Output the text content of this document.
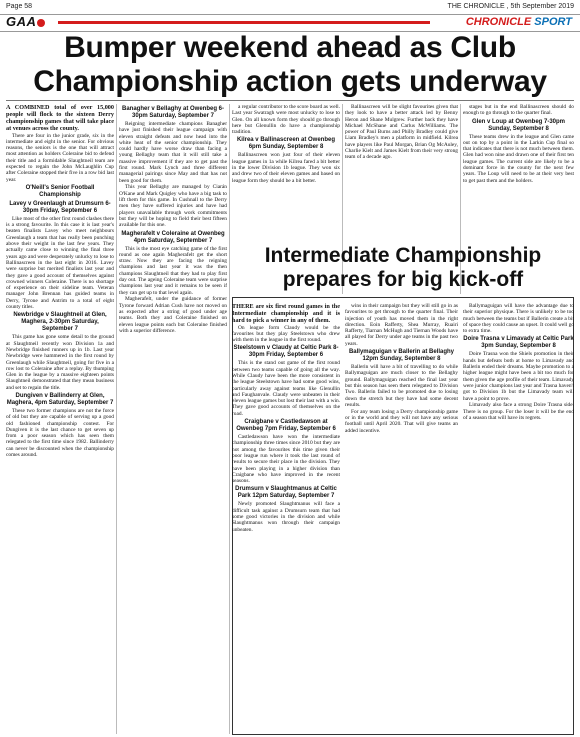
Page 58	THE CHRONICLE , 5th September 2019
GAA	CHRONICLE SPORT
Bumper weekend ahead as Club Championship action gets underway

A COMBINED total of over 15,000 people will flock to the sixteen Derry championship games that will take place at venues across the county.

There are four in the junior grade, six in the intermediate and eight in the senior. For obvious reasons, the seniors is the one that will attract most attention as holders Coleraine bid to defend their title and a formidable Slaughtneil team are expected to regain the John McLaughlin Cup after Coleraine stopped their five in a row bid last year.

O'Neill's Senior Football Championship
Lavey v Greenlaugh at Drumsurn 6-30pm Friday, September 6

Like most of the other first round clashes there is a strong favourite. In this case it is last year's beaten finalists Lavey who meet neighbours Greenlaugh a team that has really been punching above their weight in the last few years. They actually came close to winning the final three years ago and were desperately unlucky to lose to Ballinascreen in the last eight in 2016. Lavey were surprise but merited finalists last year and they gave a good account of themselves against crowned winners Coleraine. There is no shortage of experience on their sideline team. Veteran manager John Brennan has guided teams in Derry, Tyrone and Antrim to a total of eight county titles.

Newbridge v Slaughtneil at Glen, Maghera, 2-30pm Saturday, September 7

This game has gone some detail to the ground at Slaughtneil recently won Division 1a and Newbridge finished runners up in 1b. Last year Newbridge were hammered in the first round by Greenlaugh while Slaughtneil, going for five in a row lost to Coleraine after a replay. By thumping Glen in the league by a massive eighteen points Slaughtneil demonstrated that they mean business and set to regain the title.

Dungiven v Ballinderry at Glen, Maghera, 4pm Saturday, September 7

These two former champions are not the force of old but they are capable of serving up a good old fashioned championship contest. For Dungiven it is the last chance to get seven up from a poor season which has seen them relegated to the first time since 1982. Ballinderry can never be discounted when the championship comes around.

Banagher v Bellaghy at Owenbeg 6-30pm Saturday, September 7

Reigning intermediate champions Banagher have just finished their league campaign with eleven straight defeats and now head into the white heat of the senior championship. They could hardly have worse draw than facing a young Bellaghy team that it will still take a massive improvement if they are to get past the first round. Mark Lynch and three different managerial pairings since May and that has not been good for them.

This year Bellaghy are managed by Ciarán O'Kane and Mark Quigley who have a big task to lift them for this game. In Cushnall to the Derry men they have suffered injuries and have had players unavailable through work commitments but they will be hoping to field their best fifteen available for this one.

Magherafelt v Coleraine at Owenbeg 4pm Saturday, September 7

This is the most eye catching game of the first round as one again Magherafelt get the short straw. Now they are facing the reigning champions and last year it was the then champions Slaughtneil that they had to play first day out. The ageing Coleraine team were surprise champions last year and it remains to be seen if they can get up to that level again.

Magherafelt, under the guidance of former Tyrone forward Adrian Cush have not moved on as expected after a string of good under age teams. Both they and Coleraine finished on eleven league points each but Coleraine finished with a superior difference.

a regular contributor to the score board as well. Last year Swatragh were most unlucky to lose to Glen. On all known form they should go through here but Glenullin do have a championship tradition.

Kilrea v Ballinascreen at Owenbeg 6pm Sunday, September 8

Ballinascreen won just four of their eleven league games in 1a while Kilrea fared a bit better in the lower Division 1b league. They won six and drew two of their eleven games and based on league form they should be a bit better.

Ballinascreen will be slight favourites given that they look to have a better attack led by Benny Heron and Shane Mulgrew. Further back they have Michael McShane and Carlus McWilliams. The power of Paul Burns and Philly Bradley could give Liam Bradley's men a platform in midfield. Kilrea have players like Paul Morgan, Brian Og McAuley, Charlie Kielt and James Kielt from their very strong team of a decade ago.

stages but in the end Ballinascreen should do enough to go through to the quarter final.

Glen v Loup at Owenbeg 7-30pm Sunday, September 8

These teams drew in the league and Glen came out on top by a point in the Larkin Cup final so that indicates that there is not much between them. Glen had won nine and drawn one of their first ten league games. The current side are likely to be a dominant force in the county for the next few years. The Loup will need to be at their very best to get past them and the holders.

Intermediate Championship prepares for big kick-off

THERE are six first round games in the Intermediate championship and it is hard to pick a winner in any of them.

On league form Claudy would be the favourites but they play Steelstown who drew with them in the league in the first round.

Steelstown v Claudy at Celtic Park 8-30pm Friday, September 6

This is the stand out game of the first round between two teams capable of going all the way. While Claudy have been the more consistent in the league Steelstown have had some good wins, particularly away against teams like Glenullin and Faughanvale. Claudy were unbeaten in their eleven league games but lost their last with a win. They gave good accounts of themselves on the road.

Craigbane v Castledawson at Owenbeg 7pm Friday, September 6

Castledawson have won the intermediate championship three times since 2010 but they are not among the favourites this time given their poor league run where it took the last round of results to secure their place in the division. They have been playing in a higher division than Craigbane who have improved in the recent seasons.

Drumsurn v Slaughtmanus at Celtic Park 12pm Saturday, September 7

Newly promoted Slaughtmanus will face a difficult task against a Drumsurn team that had some good victories in the division and while Slaughtmanus won through their campaign unbeaten.

wins in their campaign but they will still go in as favourites to get through to the quarter final. Their injection of youth has moved them in the right direction. Eoin Rafferty, Shea Murray, Ruairi Rafferty, Tiarnan McHugh and Tiernan Woods have all played for Derry under age teams in the past two years.

Ballymaguigan v Ballerin at Bellaghy 12pm Sunday, September 8

Ballerin will have a bit of travelling to do while Ballymaguigan are much closer to the Bellaghy ground. Ballymaguigan reached the final last year but this season has seen them relegated to Division Two. Ballerin failed to be promoted due to losing down the stretch but they have had some decent results.

For any team losing a Derry championship game or in the world and they will not have any serious football until April 2020. That will give teams an added incentive.

Ballymaguigan will have the advantage due to their superior physique. There is unlikely to be too much between the teams but if Ballerin create a bit of space they could cause an upset. It could well go to extra time.

Doire Trasna v Limavady at Celtic Park 3pm Sunday, September 8

Doire Trasna won the Shiels promotion in their hands but defeats both at home to Limavady and Ballerin ended their dreams. Maybe promotion to a higher league might have been a bit too much for them given the age profile of their team. Limavady were junior champions last year and Trasna haven't got to Division 1b but the Limavady team will have a point to prove.

Limavady also face a strong Doire Trasna side. There is no group. For the loser it will be the end of a season that will have its regrets.
